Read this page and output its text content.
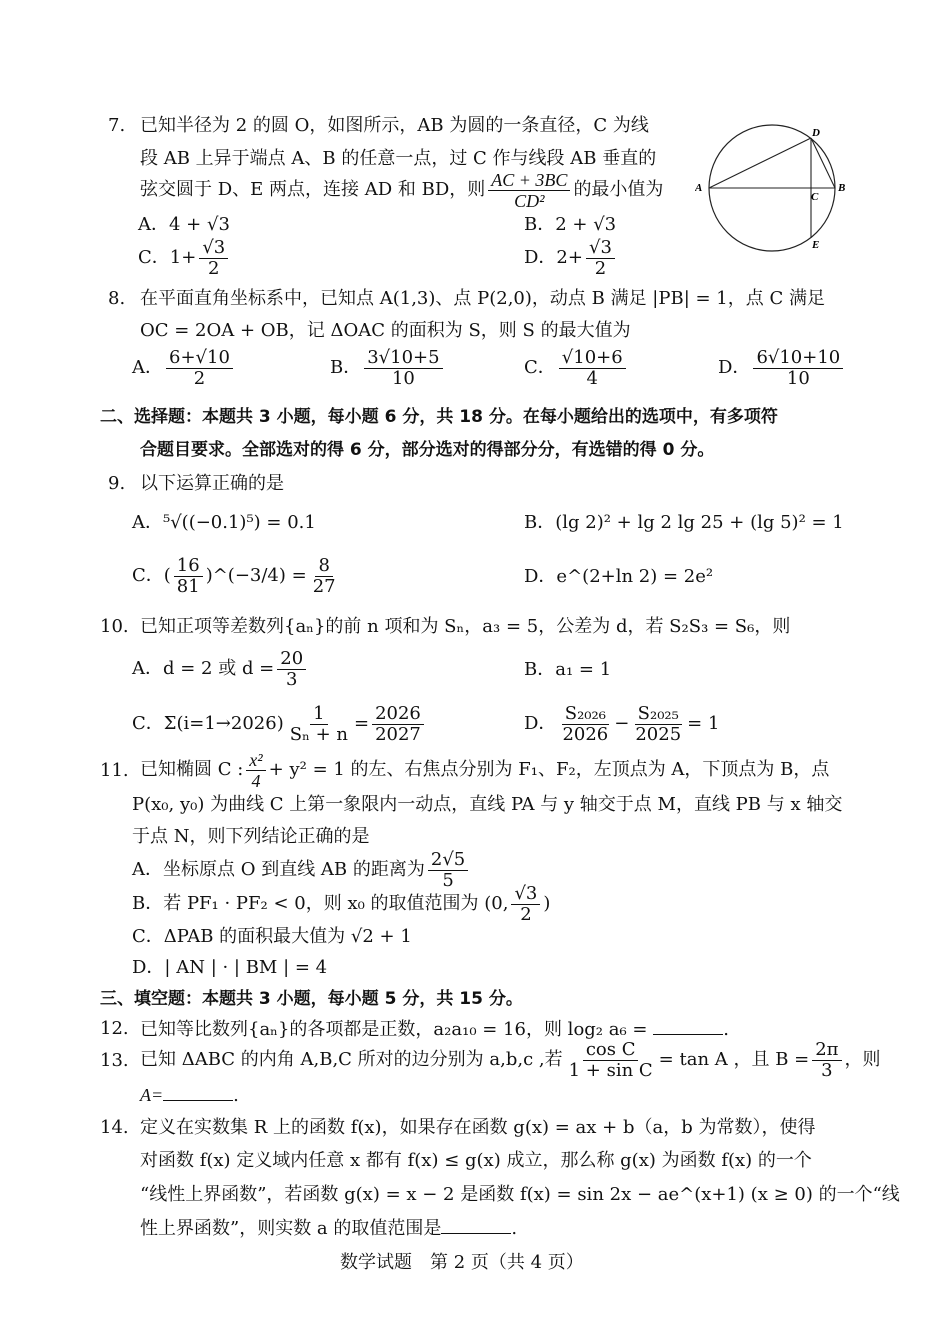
7. 已知半径为 2 的圆 O，如图所示，AB 为圆的一条直径，C 为线
段 AB 上异于端点 A、B 的任意一点，过 C 作与线段 AB 垂直的
弦交圆于 D、E 两点，连接 AD 和 BD，则 $\frac{AC + 3BC}{\text{CD²}}$ 的最小值为
A．4 + √3	B．2 + √3
C．$1+ \frac{√3}{2}$	D．$2+ \frac{√3}{2}$
A	B
C
D
E
8. 在平面直角坐标系中，已知点 A(1,3)、点 P(2,0)，动点 B 满足 |PB| = 1，点 C 满足
OC = 2OA + OB，记 ΔOAC 的面积为 S，则 S 的最大值为
A． $\frac{6+√10}{2}$	B． $\frac{3√10+5}{10}$	C． $\frac{√10+6}{4}$	D． $\frac{6√10+10}{10}$
二、选择题：本题共 3 小题，每小题 6 分，共 18 分。在每小题给出的选项中，有多项符
合题目要求。全部选对的得 6 分，部分选对的得部分分，有选错的得 0 分。
9. 以下运算正确的是
A．⁵√((−0.1)⁵) = 0.1	B．(lg 2)² + lg 2 lg 25 + (lg 5)² = 1
C．( $\frac{16}{81}$ )^(−3/4) = $\frac{8}{27}$	D．e^(2+ln 2) = 2e²
10. 已知正项等差数列{aₙ}的前 n 项和为 Sₙ，a₃ = 5，公差为 d，若 S₂S₃ = S₆，则
A．d = 2 或 $d = \frac{20}{3}$	B．a₁ = 1
C．$\Sigma(i=1\to 2026) \frac{1}{\text{Sₙ + n}} = \frac{2026}{2027}$	D． $\frac{\text{S₂₀₂₆}}{2026} - \frac{\text{S₂₀₂₅}}{2025} = 1$
11. 已知椭圆 C : $\frac{\text{x²}}{4} + y^2 = 1$ 的左、右焦点分别为 F₁、F₂，左顶点为 A，下顶点为 B，点
P(x₀, y₀) 为曲线 C 上第一象限内一动点，直线 PA 与 y 轴交于点 M，直线 PB 与 x 轴交
于点 N，则下列结论正确的是
A．坐标原点 O 到直线 AB 的距离为 $\frac{2√5}{5}$
B．若 PF₁ · PF₂ < 0，则 x₀ 的取值范围为 (0, $\frac{√3}{2}$ )
C．ΔPAB 的面积最大值为 √2 + 1
D．| AN | · | BM | = 4
三、填空题：本题共 3 小题，每小题 5 分，共 15 分。
12. 已知等比数列{aₙ}的各项都是正数，a₂a₁₀ = 16，则 log₂ a₆ =	.
13. 已知 ΔABC 的内角 A,B,C 所对的边分别为 a,b,c ,若 $\frac{\text{cos C}}{\text{1 + sin C}} = \tan A$ ，且 $B = \frac{2\pi}{3}$ ，则
A=	.
14. 定义在实数集 R 上的函数 f(x)，如果存在函数 g(x) = ax + b（a，b 为常数），使得
对函数 f(x) 定义域内任意 x 都有 f(x) ≤ g(x) 成立，那么称 g(x) 为函数 f(x) 的一个
“线性上界函数”，若函数 g(x) = x − 2 是函数 f(x) = sin 2x − ae^(x+1) (x ≥ 0) 的一个“线
性上界函数”，则实数 a 的取值范围是	.
数学试题　第 2 页（共 4 页）
